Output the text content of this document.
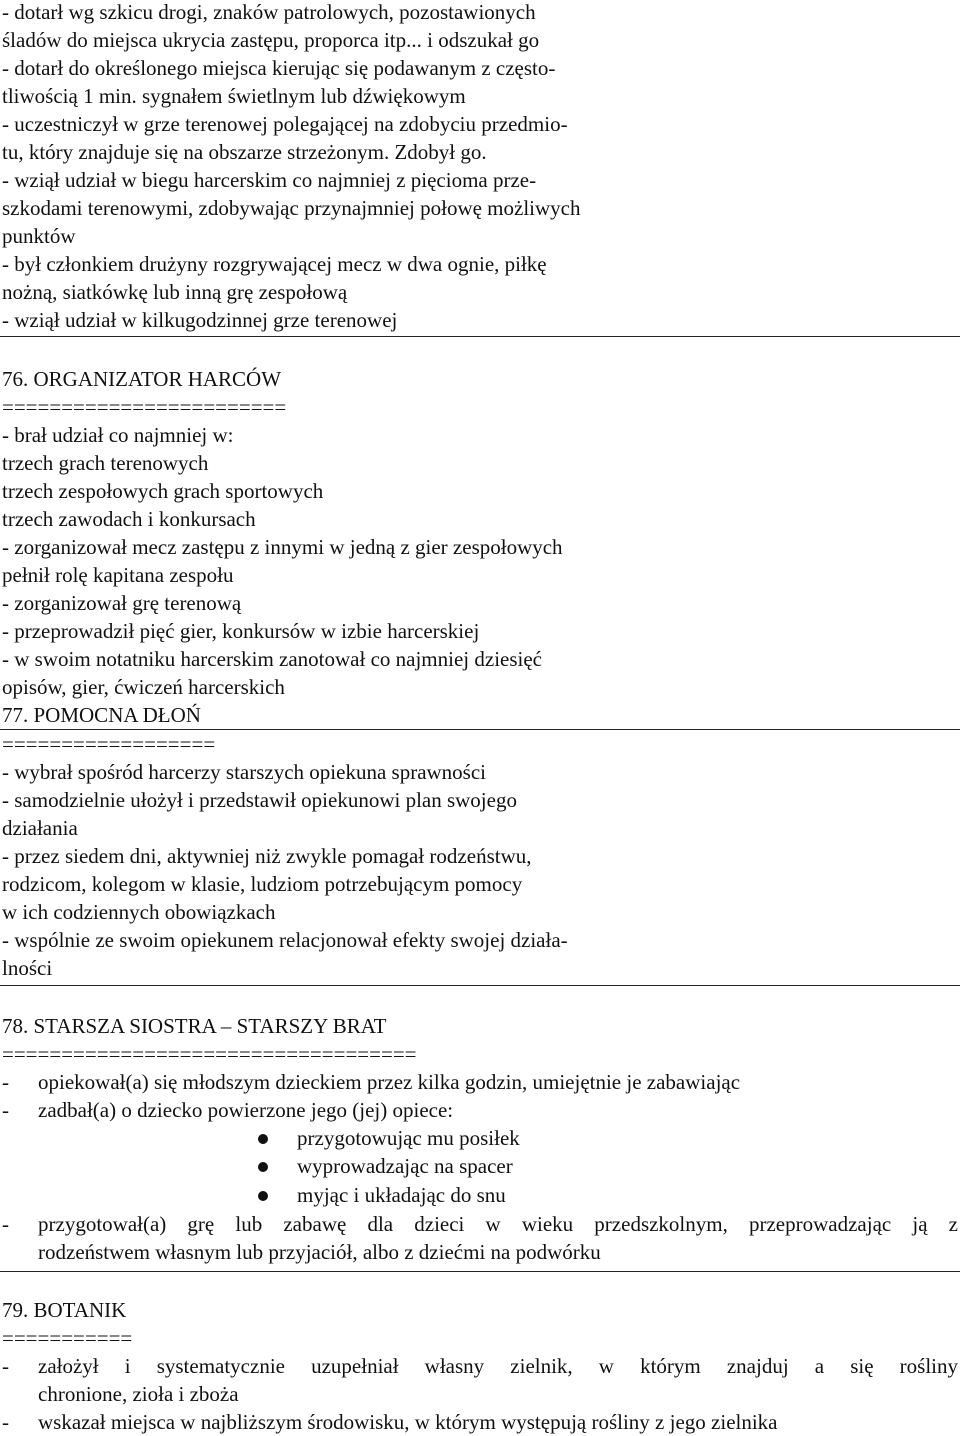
- dotarł wg szkicu drogi, znaków patrolowych, pozostawionych
śladów do miejsca ukrycia zastępu, proporca itp... i odszukał go
- dotarł do określonego miejsca kierując się podawanym z często-
tliwością 1 min. sygnałem świetlnym lub dźwiękowym
- uczestniczył w grze terenowej polegającej na zdobyciu przedmio-
tu, który znajduje się na obszarze strzeżonym. Zdobył go.
- wziął udział w biegu harcerskim co najmniej z pięcioma prze-
szkodami terenowymi, zdobywając przynajmniej połowę możliwych
punktów
- był członkiem drużyny rozgrywającej mecz w dwa ognie, piłkę
nożną, siatkówkę lub inną grę zespołową
- wziął udział w kilkugodzinnej grze terenowej
76. ORGANIZATOR HARCÓW
========================
- brał udział co najmniej w:
trzech grach terenowych
trzech zespołowych grach sportowych
trzech zawodach i konkursach
- zorganizował mecz zastępu z innymi w jedną z gier zespołowych
pełnił rolę kapitana zespołu
- zorganizował grę terenową
- przeprowadził pięć gier, konkursów w izbie harcerskiej
- w swoim notatniku harcerskim zanotował co najmniej dziesięć
opisów, gier, ćwiczeń harcerskich
77. POMOCNA DŁOŃ
==================
- wybrał spośród harcerzy starszych opiekuna sprawności
- samodzielnie ułożył i przedstawił opiekunowi plan swojego
działania
- przez siedem dni, aktywniej niż zwykle pomagał rodzeństwu,
rodzicom, kolegom w klasie, ludziom potrzebującym pomocy
w ich codziennych obowiązkach
- wspólnie ze swoim opiekunem relacjonował efekty swojej działa-
lności
78. STARSZA SIOSTRA – STARSZY BRAT
===================================
- opiekował(a) się młodszym dzieckiem przez kilka godzin, umiejętnie je zabawiając
- zadbał(a) o dziecko powierzone jego (jej) opiece:
przygotowując mu posiłek
wyprowadzając na spacer
myjąc i układając do snu
-	przygotował(a) grę lub zabawę dla dzieci w wieku przedszkolnym, przeprowadzając ją z
rodzeństwem własnym lub przyjaciół, albo z dziećmi na podwórku
79. BOTANIK
===========
-	założył i systematycznie uzupełniał własny zielnik, w którym znajduj a się rośliny
chronione, zioła i zboża
- wskazał miejsca w najbliższym środowisku, w którym występują rośliny z jego zielnika
